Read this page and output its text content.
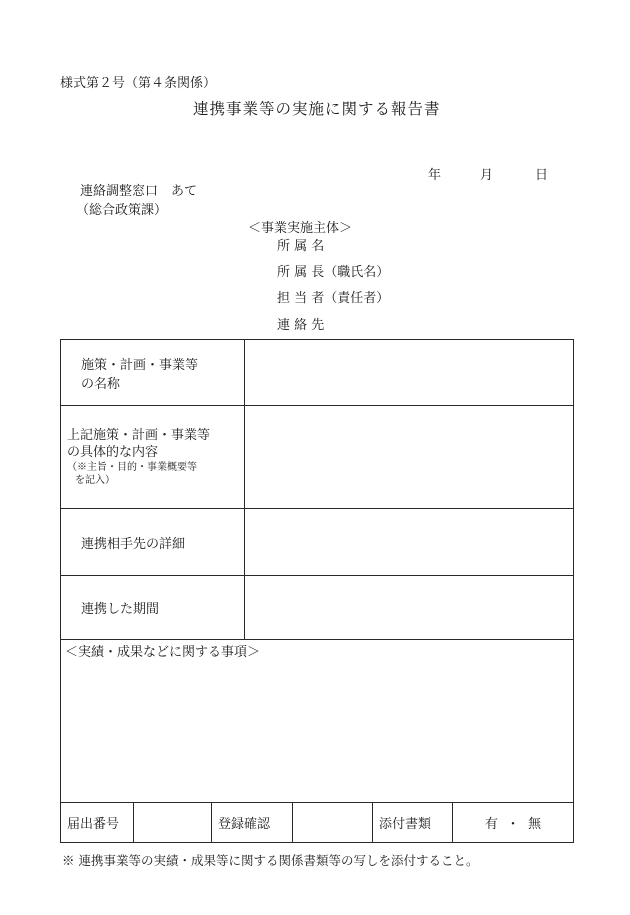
様式第２号（第４条関係）
連携事業等の実施に関する報告書
年	月	日
連絡調整窓口　あて
（総合政策課）
＜事業実施主体＞
所 属 名
所 属 長（職氏名）
担 当 者（責任者）
連 絡 先
施策・計画・事業等
の名称	

上記施策・計画・事業等
の具体的な内容
（※主旨・目的・事業概要等
を記入）	

連携相手先の詳細	
連携した期間	

＜実績・成果などに関する事項＞	
届出番号		登録確認		添付書類	有 ・ 無
※ 連携事業等の実績・成果等に関する関係書類等の写しを添付すること。
